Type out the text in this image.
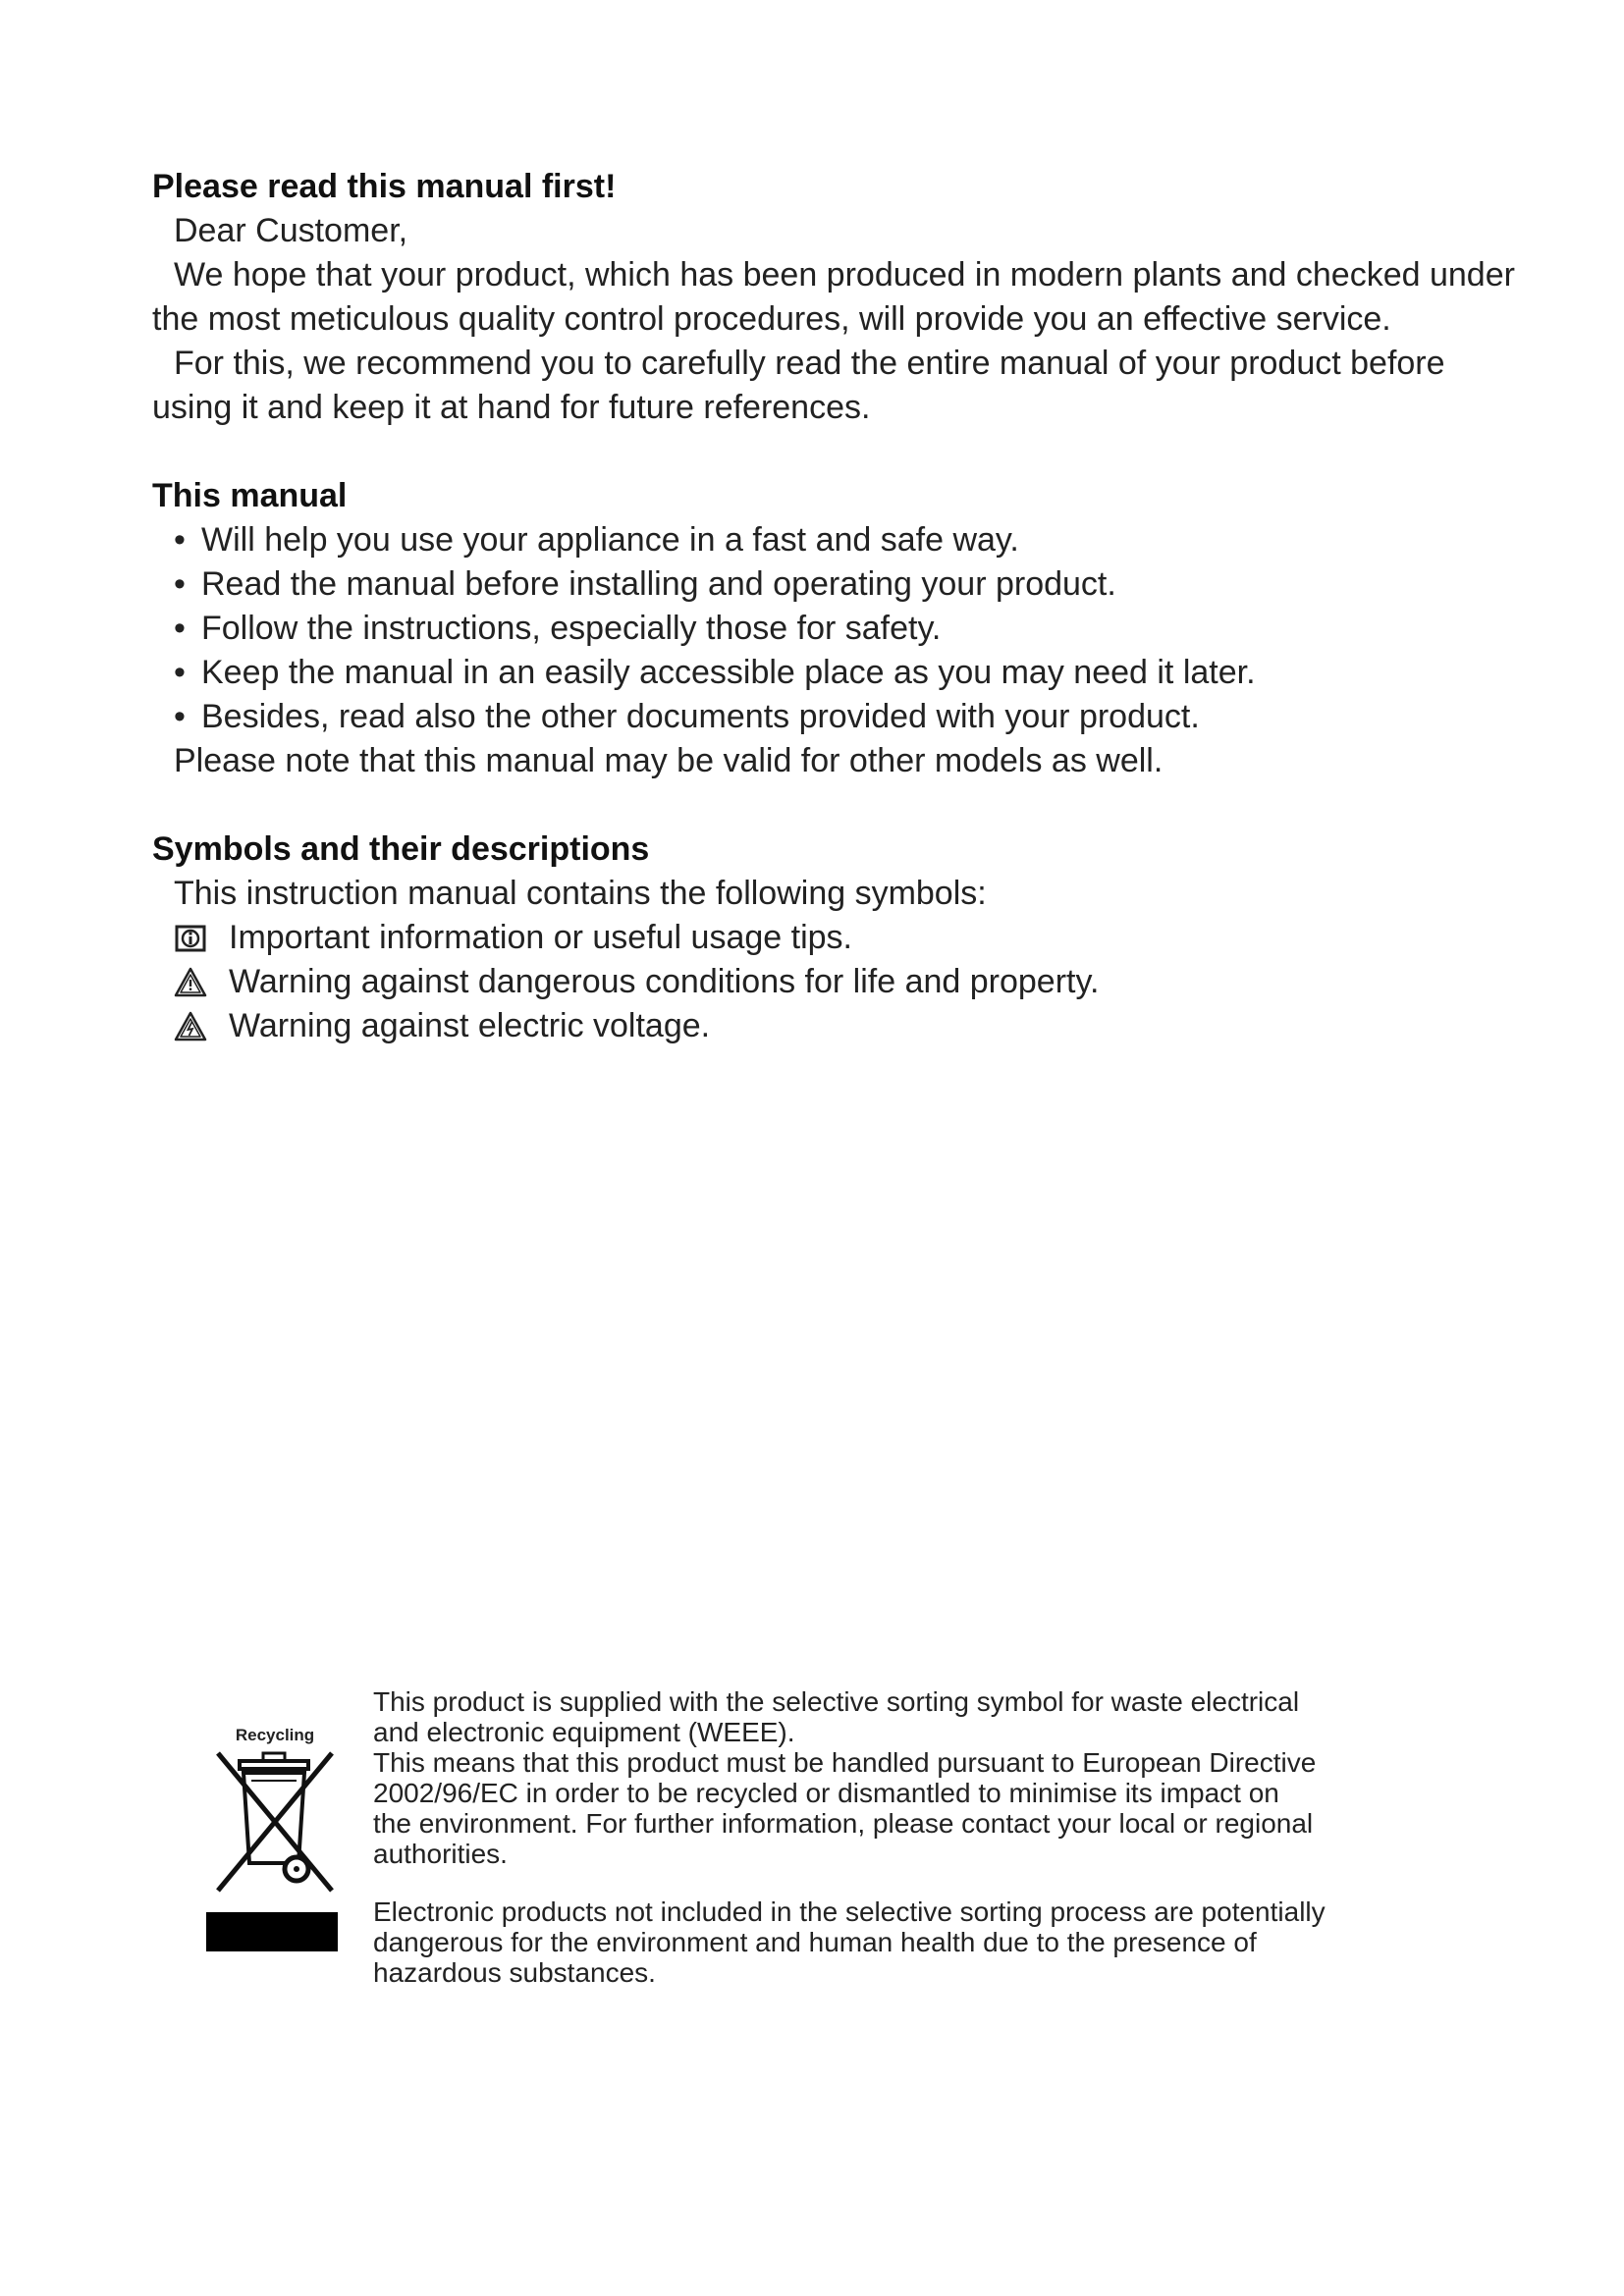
Please read this manual first!

Dear Customer,

We hope that your product, which has been produced in modern plants and checked under the most meticulous quality control procedures, will provide you an effective service.

For this, we recommend you to carefully read the entire manual of your product before using it and keep it at hand for future references.

This manual
• Will help you use your appliance in a fast and safe way.
• Read the manual before installing and operating your product.
• Follow the instructions, especially those for safety.
• Keep the manual in an easily accessible place as you may need it later.
• Besides, read also the other documents provided with your product.

Please note that this manual may be valid for other models as well.

Symbols and their descriptions

This instruction manual contains the following symbols:

Important information or useful usage tips.
Warning against dangerous conditions for life and property.
Warning against electric voltage.
Recycling

This product is supplied with the selective sorting symbol for waste electrical

and electronic equipment (WEEE).

This means that this product must be handled pursuant to European Directive

2002/96/EC in order to be recycled or dismantled to minimise its impact on

the environment. For further information, please contact your local or regional

authorities.

Electronic products not included in the selective sorting process are potentially

dangerous for the environment and human health due to the presence of

hazardous substances.
